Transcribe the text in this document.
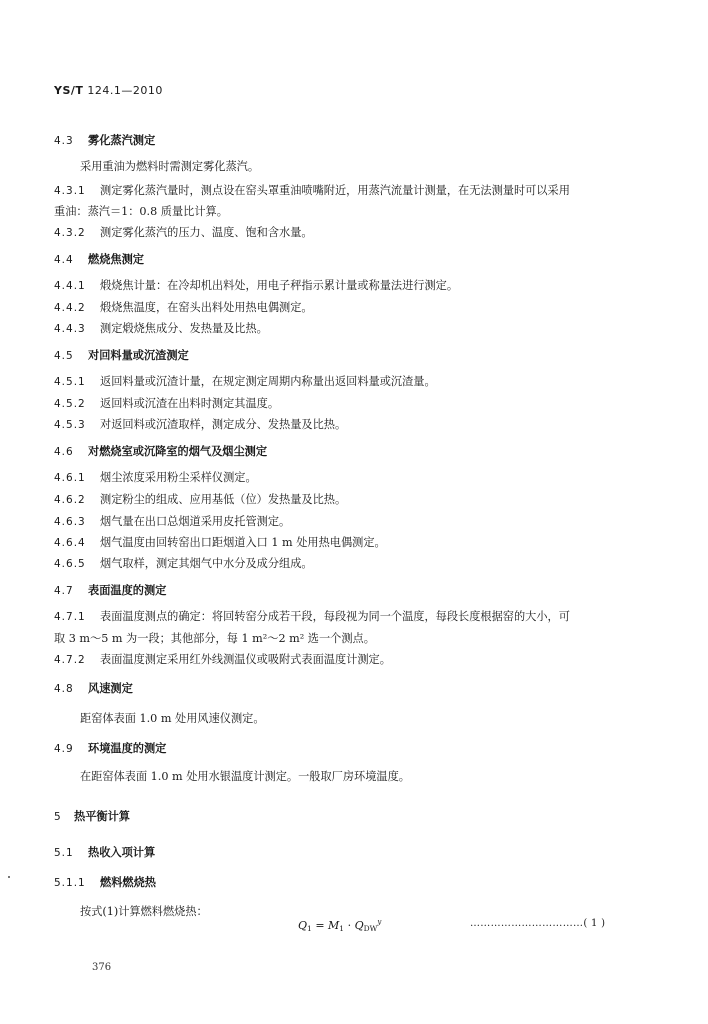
YS/T 124.1—2010
4.3 雾化蒸汽测定
采用重油为燃料时需测定雾化蒸汽。
4.3.1 测定雾化蒸汽量时，测点设在窑头罩重油喷嘴附近，用蒸汽流量计测量，在无法测量时可以采用
重油：蒸汽＝1：0.8 质量比计算。
4.3.2 测定雾化蒸汽的压力、温度、饱和含水量。
4.4 燃烧焦测定
4.4.1 煅烧焦计量：在冷却机出料处，用电子秤指示累计量或称量法进行测定。
4.4.2 煅烧焦温度，在窑头出料处用热电偶测定。
4.4.3 测定煅烧焦成分、发热量及比热。
4.5 对回料量或沉渣测定
4.5.1 返回料量或沉渣计量，在规定测定周期内称量出返回料量或沉渣量。
4.5.2 返回料或沉渣在出料时测定其温度。
4.5.3 对返回料或沉渣取样，测定成分、发热量及比热。
4.6 对燃烧室或沉降室的烟气及烟尘测定
4.6.1 烟尘浓度采用粉尘采样仪测定。
4.6.2 测定粉尘的组成、应用基低（位）发热量及比热。
4.6.3 烟气量在出口总烟道采用皮托管测定。
4.6.4 烟气温度由回转窑出口距烟道入口 1 m 处用热电偶测定。
4.6.5 烟气取样，测定其烟气中水分及成分组成。
4.7 表面温度的测定
4.7.1 表面温度测点的确定：将回转窑分成若干段，每段视为同一个温度，每段长度根据窑的大小，可
取 3 m～5 m 为一段；其他部分，每 1 m²～2 m² 选一个测点。
4.7.2 表面温度测定采用红外线测温仪或吸附式表面温度计测定。
4.8 风速测定
距窑体表面 1.0 m 处用风速仪测定。
4.9 环境温度的测定
在距窑体表面 1.0 m 处用水银温度计测定。一般取厂房环境温度。
5 热平衡计算
5.1 热收入项计算
5.1.1 燃料燃烧热
按式(1)计算燃料燃烧热：
$Q_1 = M_1 \cdot Q_{DW}^y$	……………………………( 1 )
376
